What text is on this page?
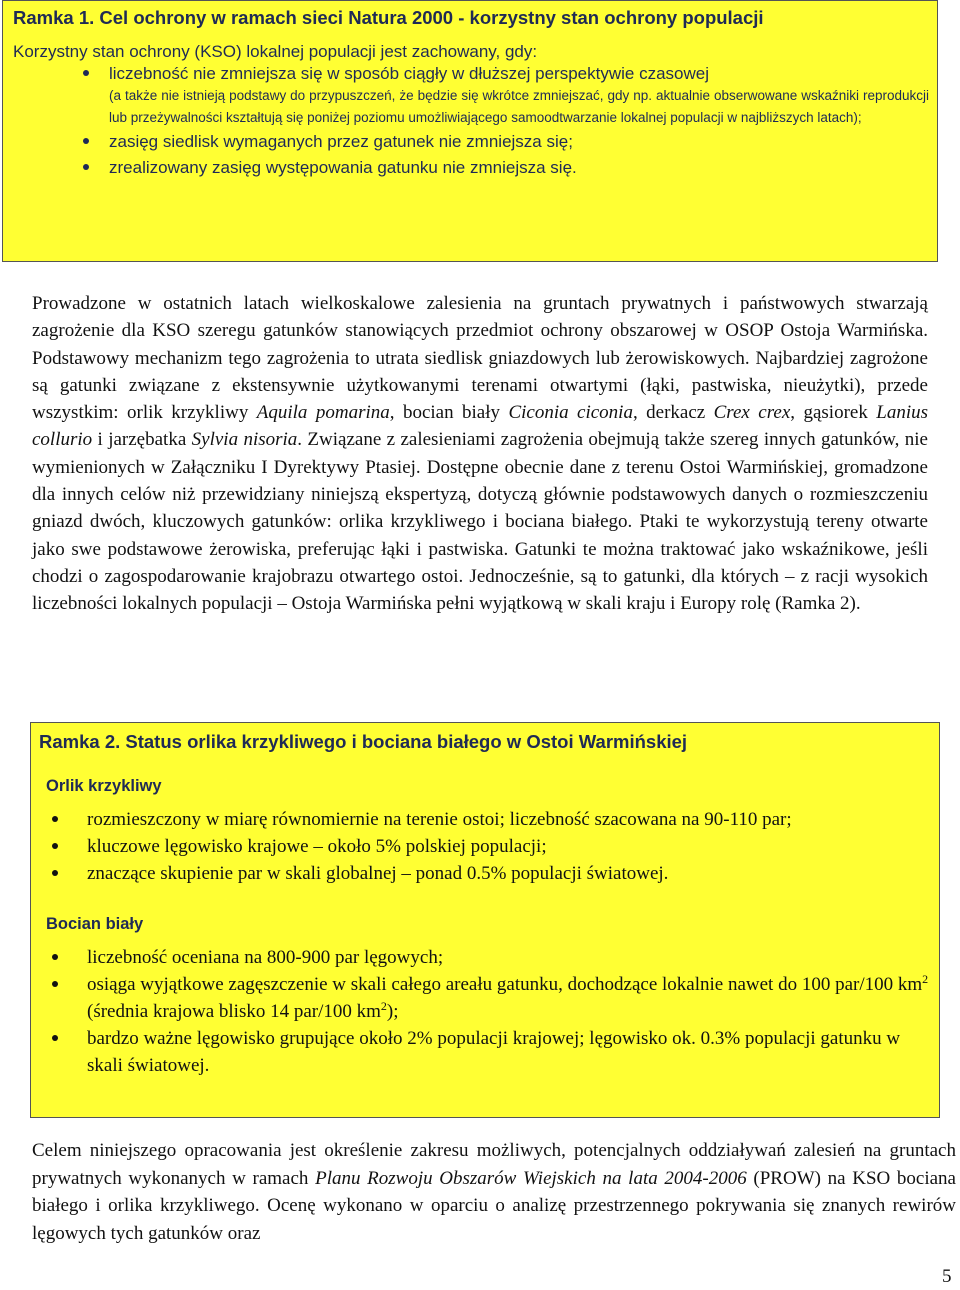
Ramka 1. Cel ochrony w ramach sieci Natura 2000 - korzystny stan ochrony populacji

Korzystny stan ochrony (KSO) lokalnej populacji jest zachowany, gdy:

liczebność nie zmniejsza się w sposób ciągły w dłuższej perspektywie czasowej

(a także nie istnieją podstawy do przypuszczeń, że będzie się wkrótce zmniejszać, gdy np. aktualnie obserwowane wskaźniki reprodukcji lub przeżywalności kształtują się poniżej poziomu umożliwiającego samoodtwarzanie lokalnej populacji w najbliższych latach);

zasięg siedlisk wymaganych przez gatunek nie zmniejsza się;
zrealizowany zasięg występowania gatunku nie zmniejsza się.

Prowadzone w ostatnich latach wielkoskalowe zalesienia na gruntach prywatnych i państwowych stwarzają zagrożenie dla KSO szeregu gatunków stanowiących przedmiot ochrony obszarowej w OSOP Ostoja Warmińska. Podstawowy mechanizm tego zagrożenia to utrata siedlisk gniazdowych lub żerowiskowych. Najbardziej zagrożone są gatunki związane z ekstensywnie użytkowanymi terenami otwartymi (łąki, pastwiska, nieużytki), przede wszystkim: orlik krzykliwy Aquila pomarina, bocian biały Ciconia ciconia, derkacz Crex crex, gąsiorek Lanius collurio i jarzębatka Sylvia nisoria. Związane z zalesieniami zagrożenia obejmują także szereg innych gatunków, nie wymienionych w Załączniku I Dyrektywy Ptasiej. Dostępne obecnie dane z terenu Ostoi Warmińskiej, gromadzone dla innych celów niż przewidziany niniejszą ekspertyzą, dotyczą głównie podstawowych danych o rozmieszczeniu gniazd dwóch, kluczowych gatunków: orlika krzykliwego i bociana białego. Ptaki te wykorzystują tereny otwarte jako swe podstawowe żerowiska, preferując łąki i pastwiska. Gatunki te można traktować jako wskaźnikowe, jeśli chodzi o zagospodarowanie krajobrazu otwartego ostoi. Jednocześnie, są to gatunki, dla których – z racji wysokich liczebności lokalnych populacji – Ostoja Warmińska pełni wyjątkową w skali kraju i Europy rolę (Ramka 2).

Ramka 2. Status orlika krzykliwego i bociana białego w Ostoi Warmińskiej
Orlik krzykliwy
rozmieszczony w miarę równomiernie na terenie ostoi; liczebność szacowana na 90-110 par;
kluczowe lęgowisko krajowe – około 5% polskiej populacji;
znaczące skupienie par w skali globalnej – ponad 0.5% populacji światowej.
Bocian biały
liczebność oceniana na 800-900 par lęgowych;
osiąga wyjątkowe zagęszczenie w skali całego areału gatunku, dochodzące lokalnie nawet do 100 par/100 $km^2$ (średnia krajowa blisko 14 par/100 $km^2$);
bardzo ważne lęgowisko grupujące około 2% populacji krajowej; lęgowisko ok. 0.3% populacji gatunku w skali światowej.

Celem niniejszego opracowania jest określenie zakresu możliwych, potencjalnych oddziaływań zalesień na gruntach prywatnych wykonanych w ramach Planu Rozwoju Obszarów Wiejskich na lata 2004-2006 (PROW) na KSO bociana białego i orlika krzykliwego. Ocenę wykonano w oparciu o analizę przestrzennego pokrywania się znanych rewirów lęgowych tych gatunków oraz

5
